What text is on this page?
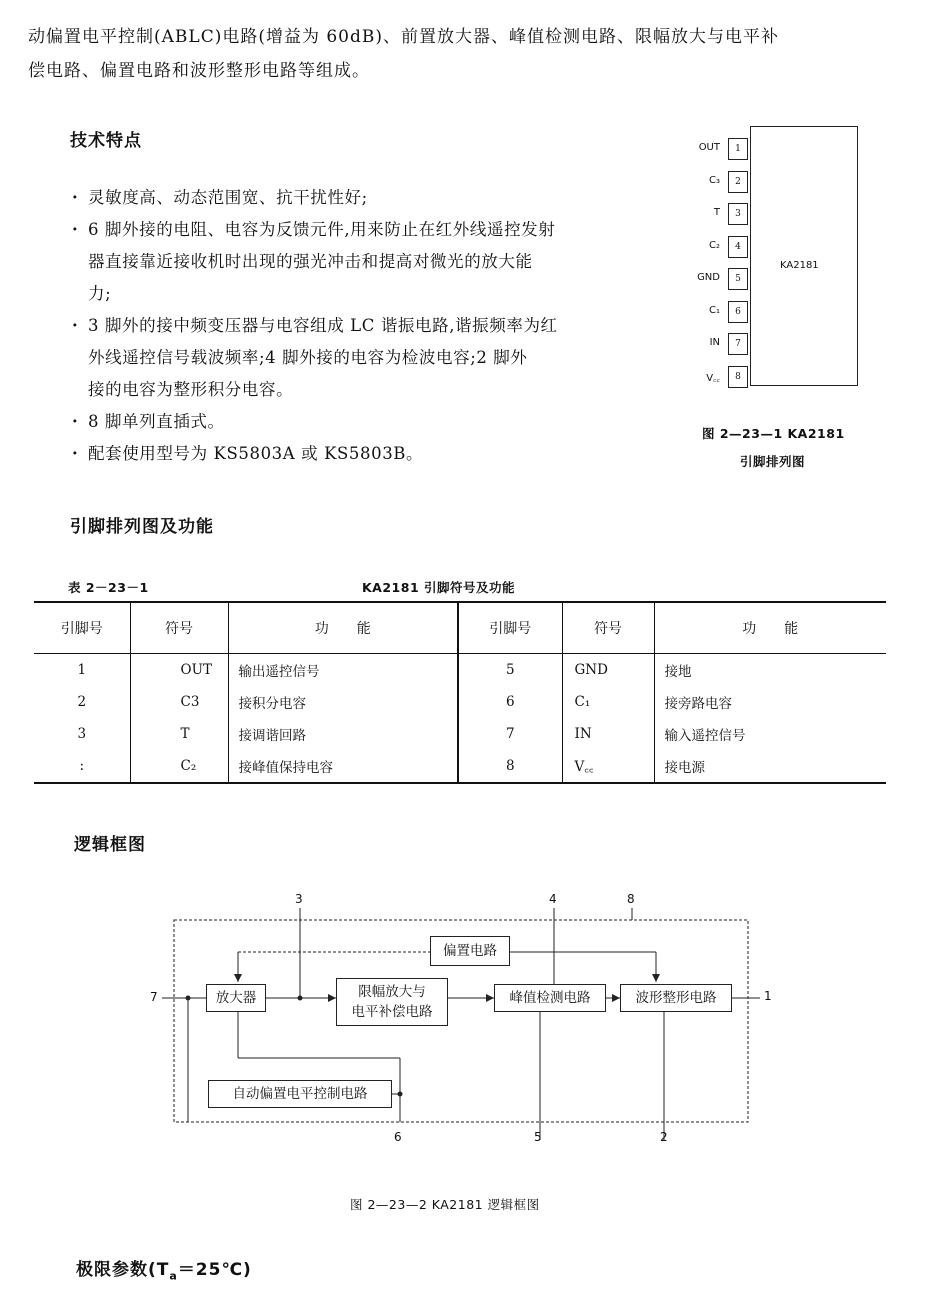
动偏置电平控制(ABLC)电路(增益为 60dB)、前置放大器、峰值检测电路、限幅放大与电平补
偿电路、偏置电路和波形整形电路等组成。
技术特点
· 灵敏度高、动态范围宽、抗干扰性好;
· 6 脚外接的电阻、电容为反馈元件,用来防止在红外线遥控发射
器直接靠近接收机时出现的强光冲击和提高对微光的放大能
力;
· 3 脚外的接中频变压器与电容组成 LC 谐振电路,谐振频率为红
外线遥控信号载波频率;4 脚外接的电容为检波电容;2 脚外
接的电容为整形积分电容。
· 8 脚单列直插式。
· 配套使用型号为 KS5803A 或 KS5803B。
KA2181
OUT	1
C₃	2
T	3
C₂	4
GND	5
C₁	6
IN	7
V꜀꜀	8
图 2—23—1 KA2181
引脚排列图
引脚排列图及功能
表 2－23－1	KA2181 引脚符号及功能
引脚号	符号	功　　能	引脚号	符号	功　　能
1	OUT	输出遥控信号	5	GND	接地
2	C3	接积分电容	6	C₁	接旁路电容
3	T	接调谐回路	7	IN	输入遥控信号
:	C₂	接峰值保持电容	8	V꜀꜀	接电源
逻辑框图
偏置电路
放大器	限幅放大与
电平补偿电路
峰值检测电路	波形整形电路
自动偏置电平控制电路
3	4	8
7	1
6	5	2
图 2—23—2 KA2181 逻辑框图
极限参数$(T_a=25℃)$
